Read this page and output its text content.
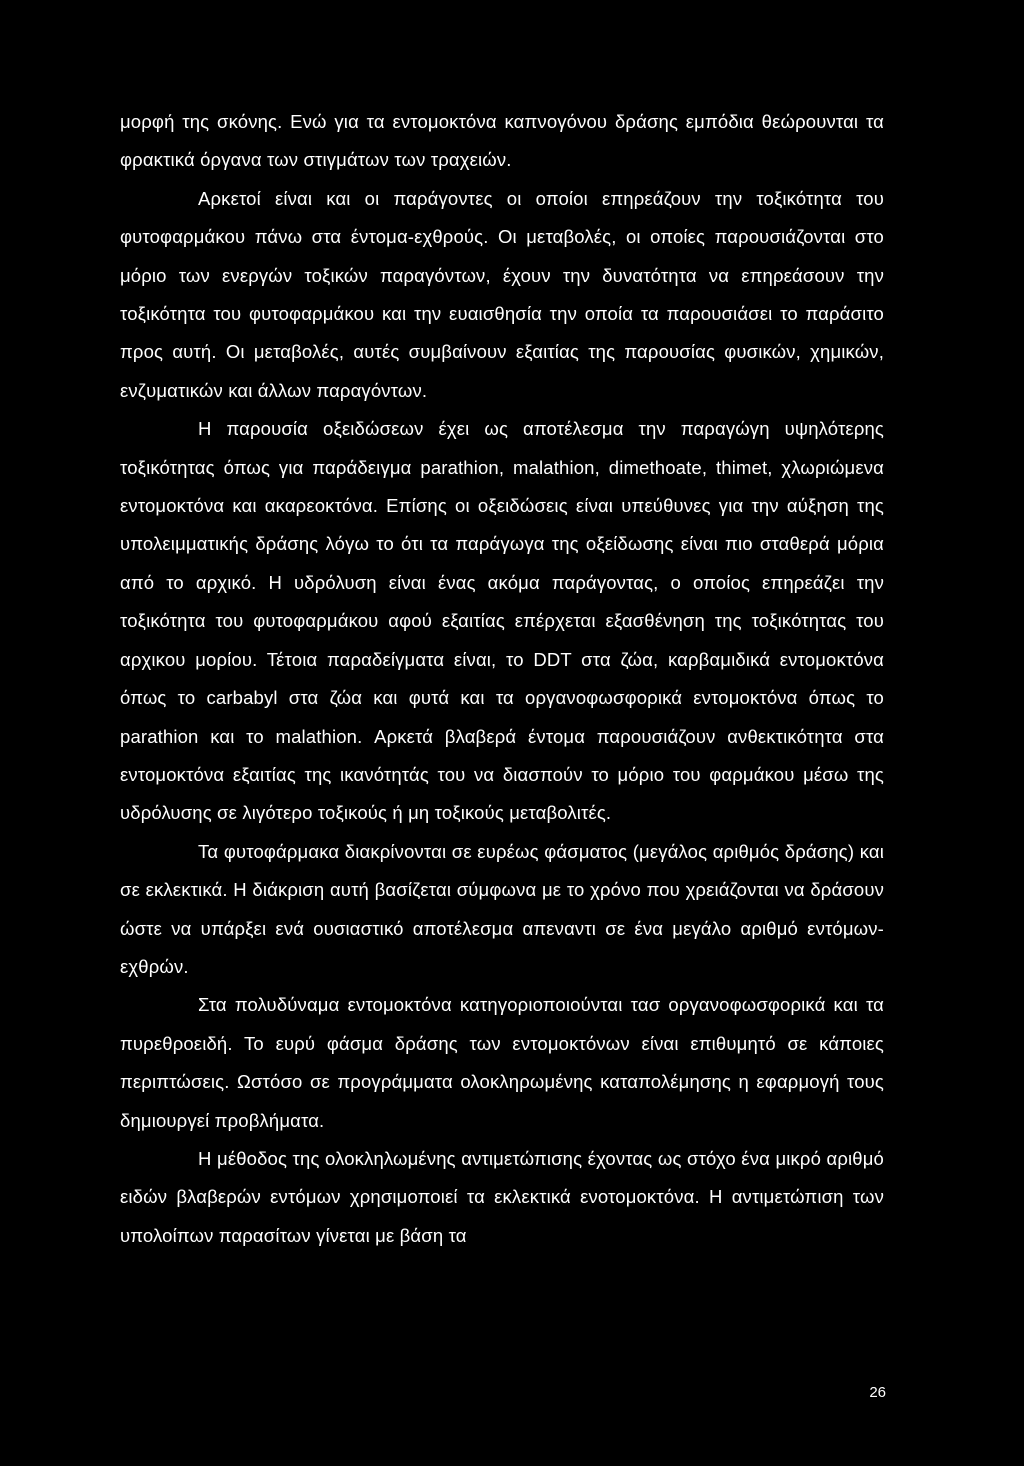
μορφή της σκόνης. Ενώ για τα εντομοκτόνα καπνογόνου δράσης εμπόδια θεώρουνται τα φρακτικά όργανα των στιγμάτων των τραχειών.

Αρκετοί είναι και οι παράγοντες οι οποίοι επηρεάζουν την τοξικότητα του φυτοφαρμάκου πάνω στα έντομα-εχθρούς. Οι μεταβολές, οι οποίες παρουσιάζονται στο μόριο των ενεργών τοξικών παραγόντων, έχουν την δυνατότητα να επηρεάσουν την τοξικότητα του φυτοφαρμάκου και την ευαισθησία την οποία τα παρουσιάσει το παράσιτο προς αυτή. Οι μεταβολές, αυτές συμβαίνουν εξαιτίας της παρουσίας φυσικών, χημικών, ενζυματικών και άλλων παραγόντων.

Η παρουσία οξειδώσεων έχει ως αποτέλεσμα την παραγώγη υψηλότερης τοξικότητας όπως για παράδειγμα parathion, malathion, dimethoate, thimet, χλωριώμενα εντομοκτόνα και ακαρεοκτόνα. Επίσης οι οξειδώσεις είναι υπεύθυνες για την αύξηση της υπολειμματικής δράσης λόγω το ότι τα παράγωγα της οξείδωσης είναι πιο σταθερά μόρια από το αρχικό. Η υδρόλυση είναι ένας ακόμα παράγοντας, ο οποίος επηρεάζει την τοξικότητα του φυτοφαρμάκου αφού εξαιτίας επέρχεται εξασθένηση της τοξικότητας του αρχικου μορίου. Τέτοια παραδείγματα είναι, το DDT στα ζώα, καρβαμιδικά εντομοκτόνα όπως το carbabyl στα ζώα και φυτά και τα οργανοφωσφορικά εντομοκτόνα όπως το parathion και το malathion. Αρκετά βλαβερά έντομα παρουσιάζουν ανθεκτικότητα στα εντομοκτόνα εξαιτίας της ικανότητάς του να διασπούν το μόριο του φαρμάκου μέσω της υδρόλυσης σε λιγότερο τοξικούς ή μη τοξικούς μεταβολιτές.

Τα φυτοφάρμακα διακρίνονται σε ευρέως φάσματος (μεγάλος αριθμός δράσης) και σε εκλεκτικά. Η διάκριση αυτή βασίζεται σύμφωνα με το χρόνο που χρειάζονται να δράσουν ώστε να υπάρξει ενά ουσιαστικό αποτέλεσμα απεναντι σε ένα μεγάλο αριθμό εντόμων-εχθρών.

Στα πολυδύναμα εντομοκτόνα κατηγοριοποιούνται τασ οργανοφωσφορικά και τα πυρεθροειδή. Το ευρύ φάσμα δράσης των εντομοκτόνων είναι επιθυμητό σε κάποιες περιπτώσεις. Ωστόσο σε προγράμματα ολοκληρωμένης καταπολέμησης η εφαρμογή τους δημιουργεί προβλήματα.

Η μέθοδος της ολοκληλωμένης αντιμετώπισης έχοντας ως στόχο ένα μικρό αριθμό ειδών βλαβερών εντόμων χρησιμοποιεί τα εκλεκτικά ενοτομοκτόνα. Η αντιμετώπιση των υπολοίπων παρασίτων γίνεται με βάση τα

26
